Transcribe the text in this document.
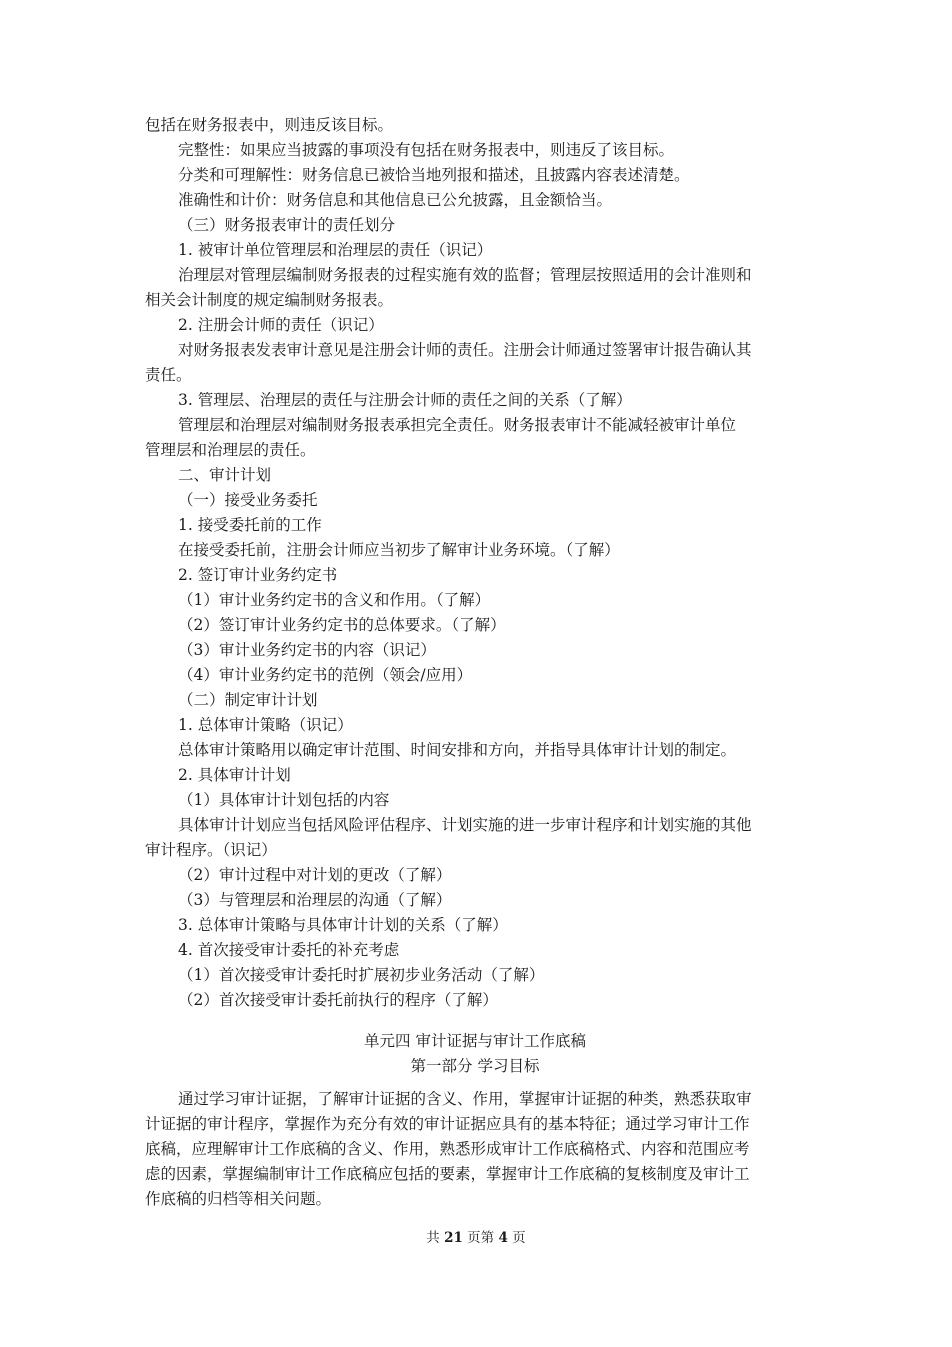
包括在财务报表中，则违反该目标。
完整性：如果应当披露的事项没有包括在财务报表中，则违反了该目标。
分类和可理解性：财务信息已被恰当地列报和描述，且披露内容表述清楚。
准确性和计价：财务信息和其他信息已公允披露，且金额恰当。
（三）财务报表审计的责任划分
1. 被审计单位管理层和治理层的责任（识记）
治理层对管理层编制财务报表的过程实施有效的监督；管理层按照适用的会计准则和
相关会计制度的规定编制财务报表。
2. 注册会计师的责任（识记）
对财务报表发表审计意见是注册会计师的责任。注册会计师通过签署审计报告确认其
责任。
3. 管理层、治理层的责任与注册会计师的责任之间的关系（了解）
管理层和治理层对编制财务报表承担完全责任。财务报表审计不能减轻被审计单位
管理层和治理层的责任。
二、审计计划
（一）接受业务委托
1. 接受委托前的工作
在接受委托前，注册会计师应当初步了解审计业务环境。（了解）
2. 签订审计业务约定书
（1）审计业务约定书的含义和作用。（了解）
（2）签订审计业务约定书的总体要求。（了解）
（3）审计业务约定书的内容（识记）
（4）审计业务约定书的范例（领会/应用）
（二）制定审计计划
1. 总体审计策略（识记）
总体审计策略用以确定审计范围、时间安排和方向，并指导具体审计计划的制定。
2. 具体审计计划
（1）具体审计计划包括的内容
具体审计计划应当包括风险评估程序、计划实施的进一步审计程序和计划实施的其他
审计程序。（识记）
（2）审计过程中对计划的更改（了解）
（3）与管理层和治理层的沟通（了解）
3. 总体审计策略与具体审计计划的关系（了解）
4. 首次接受审计委托的补充考虑
（1）首次接受审计委托时扩展初步业务活动（了解）
（2）首次接受审计委托前执行的程序（了解）
单元四 审计证据与审计工作底稿
第一部分 学习目标
通过学习审计证据，了解审计证据的含义、作用，掌握审计证据的种类，熟悉获取审
计证据的审计程序，掌握作为充分有效的审计证据应具有的基本特征；通过学习审计工作
底稿，应理解审计工作底稿的含义、作用，熟悉形成审计工作底稿格式、内容和范围应考
虑的因素，掌握编制审计工作底稿应包括的要素，掌握审计工作底稿的复核制度及审计工
作底稿的归档等相关问题。
共 21 页第 4 页
